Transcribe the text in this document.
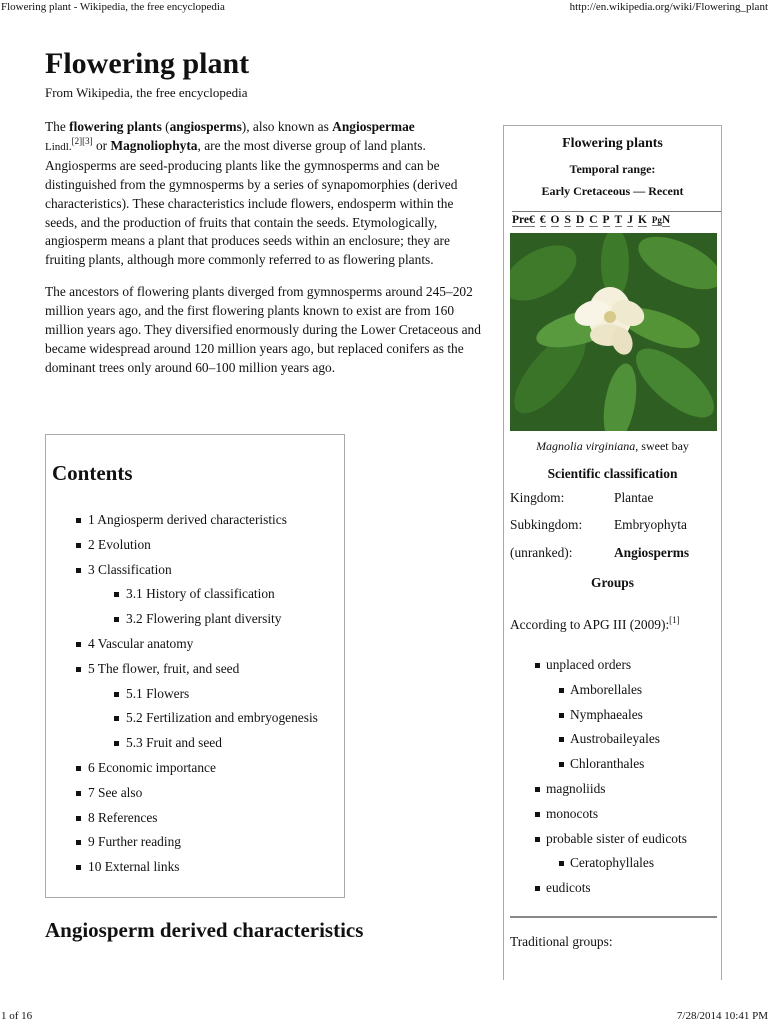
Flowering plant - Wikipedia, the free encyclopedia	http://en.wikipedia.org/wiki/Flowering_plant
1 of 16	7/28/2014 10:41 PM
Flowering plant
From Wikipedia, the free encyclopedia

The flowering plants (angiosperms), also known as Angiospermae
Lindl.[2][3] or Magnoliophyta, are the most diverse group of land plants. Angiosperms are seed-producing plants like the gymnosperms and can be distinguished from the gymnosperms by a series of synapomorphies (derived characteristics). These characteristics include flowers, endosperm within the seeds, and the production of fruits that contain the seeds. Etymologically, angiosperm means a plant that produces seeds within an enclosure; they are fruiting plants, although more commonly referred to as flowering plants.

The ancestors of flowering plants diverged from gymnosperms around 245–202 million years ago, and the first flowering plants known to exist are from 160 million years ago. They diversified enormously during the Lower Cretaceous and became widespread around 120 million years ago, but replaced conifers as the dominant trees only around 60–100 million years ago.

Contents
1 Angiosperm derived characteristics
2 Evolution
3 Classification
3.1 History of classification
3.2 Flowering plant diversity
4 Vascular anatomy
5 The flower, fruit, and seed
5.1 Flowers
5.2 Fertilization and embryogenesis
5.3 Fruit and seed
6 Economic importance
7 See also
8 References
9 Further reading
10 External links
Angiosperm derived characteristics
Flowering plants
Temporal range:
Early Cretaceous — Recent
Pre€ € O S D C P T J K PgN
Magnolia virginiana, sweet bay
Scientific classification
Kingdom:	Plantae
Subkingdom: Embryophyta
(unranked):	Angiosperms
Groups
According to APG III (2009):[1]
unplaced orders
Amborellales
Nymphaeales
Austrobaileyales
Chloranthales
magnoliids
monocots
probable sister of eudicots
Ceratophyllales
eudicots
Traditional groups:
